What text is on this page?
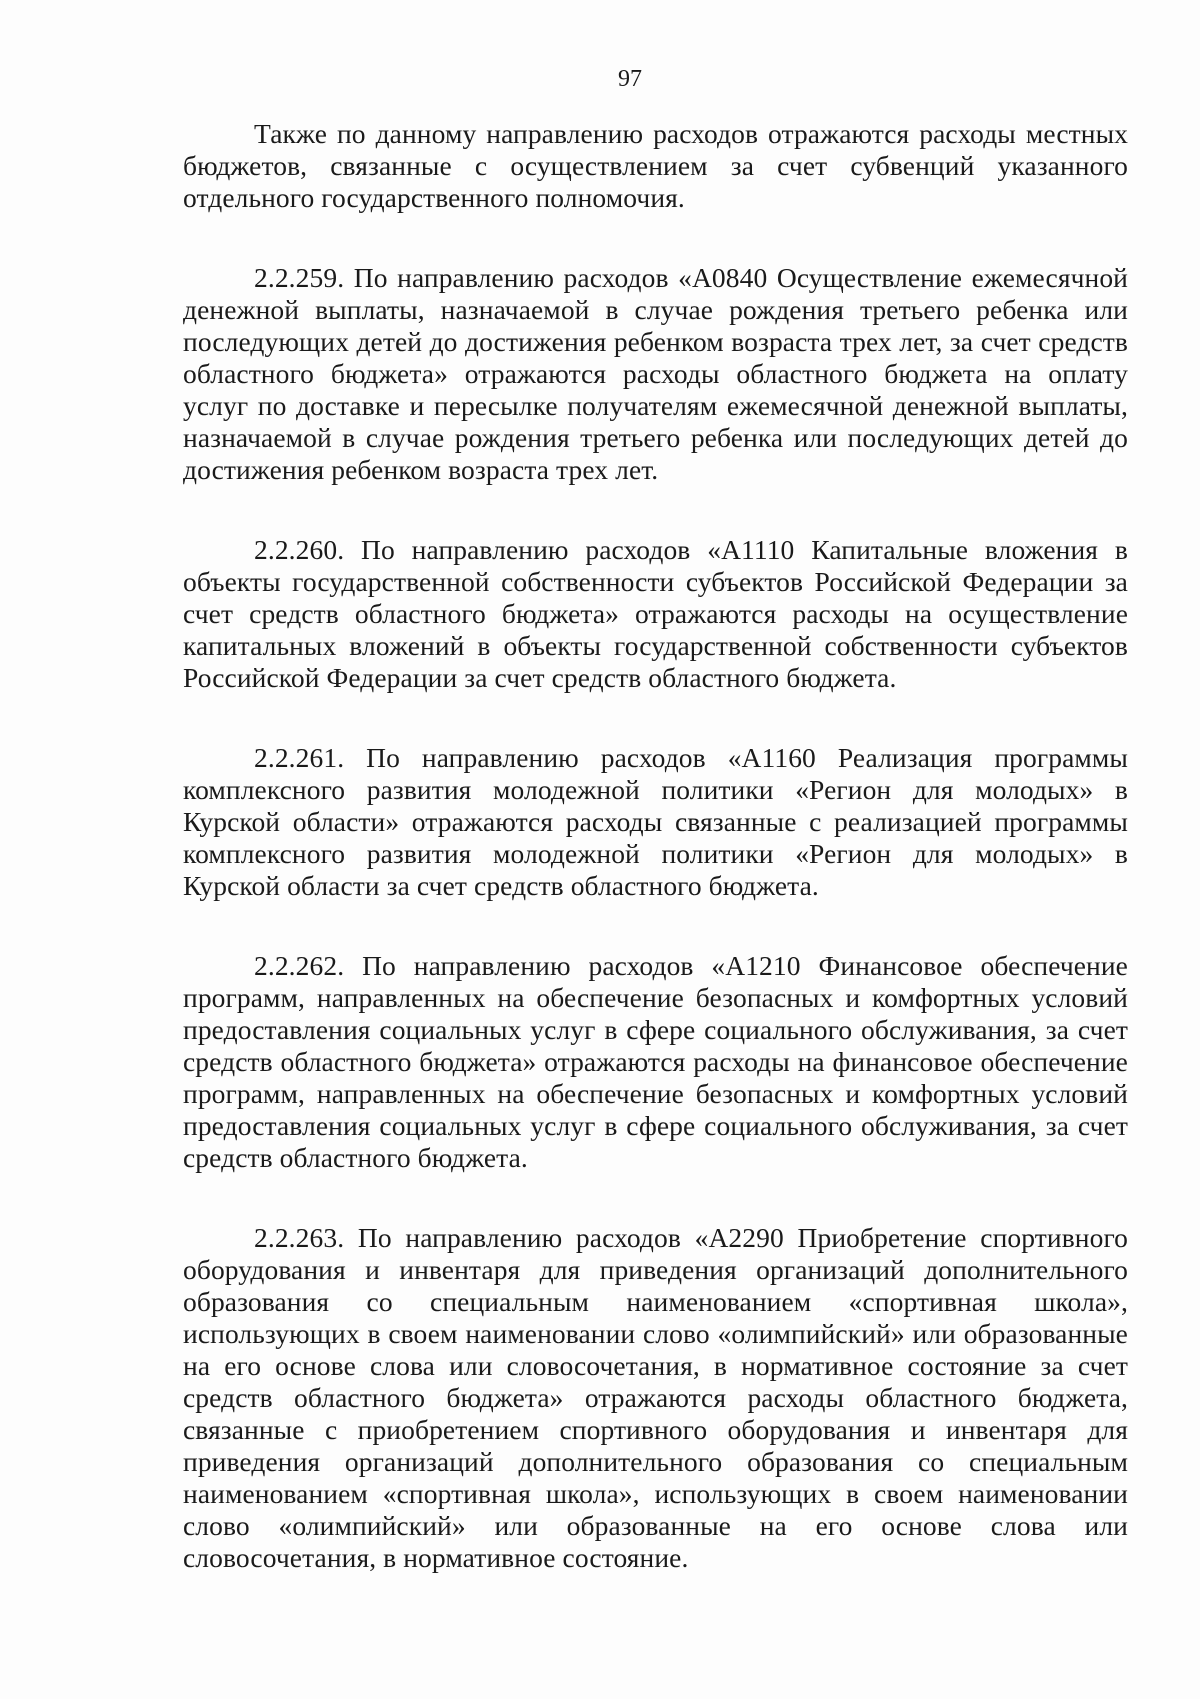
97

Также по данному направлению расходов отражаются расходы местных бюджетов, связанные с осуществлением за счет субвенций указанного отдельного государственного полномочия.

2.2.259. По направлению расходов «А0840 Осуществление ежемесячной денежной выплаты, назначаемой в случае рождения третьего ребенка или последующих детей до достижения ребенком возраста трех лет, за счет средств областного бюджета» отражаются расходы областного бюджета на оплату услуг по доставке и пересылке получателям ежемесячной денежной выплаты, назначаемой в случае рождения третьего ребенка или последующих детей до достижения ребенком возраста трех лет.

2.2.260. По направлению расходов «А1110 Капитальные вложения в объекты государственной собственности субъектов Российской Федерации за счет средств областного бюджета» отражаются расходы на осуществление капитальных вложений в объекты государственной собственности субъектов Российской Федерации за счет средств областного бюджета.

2.2.261. По направлению расходов «А1160 Реализация программы комплексного развития молодежной политики «Регион для молодых» в Курской области» отражаются расходы связанные с реализацией программы комплексного развития молодежной политики «Регион для молодых» в Курской области за счет средств областного бюджета.

2.2.262. По направлению расходов «А1210 Финансовое обеспечение программ, направленных на обеспечение безопасных и комфортных условий предоставления социальных услуг в сфере социального обслуживания, за счет средств областного бюджета» отражаются расходы на финансовое обеспечение программ, направленных на обеспечение безопасных и комфортных условий предоставления социальных услуг в сфере социального обслуживания, за счет средств областного бюджета.

2.2.263. По направлению расходов «А2290 Приобретение спортивного оборудования и инвентаря для приведения организаций дополнительного образования со специальным наименованием «спортивная школа», использующих в своем наименовании слово «олимпийский» или образованные на его основе слова или словосочетания, в нормативное состояние за счет средств областного бюджета» отражаются расходы областного бюджета, связанные с приобретением спортивного оборудования и инвентаря для приведения организаций дополнительного образования со специальным наименованием «спортивная школа», использующих в своем наименовании слово «олимпийский» или образованные на его основе слова или словосочетания, в нормативное состояние.
